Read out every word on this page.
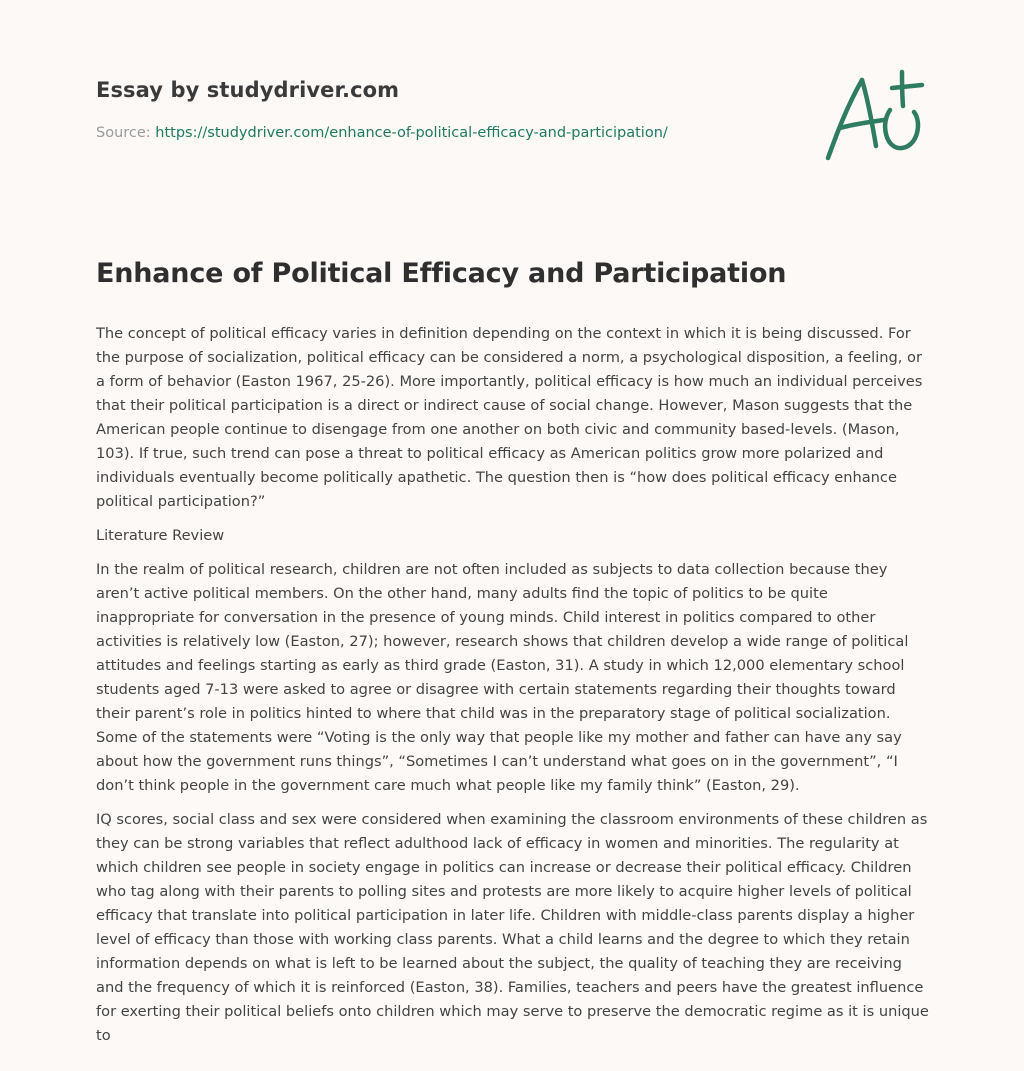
Essay by studydriver.com
Source: https://studydriver.com/enhance-of-political-efficacy-and-participation/
Enhance of Political Efficacy and Participation

The concept of political efficacy varies in definition depending on the context in which it is being discussed. For the purpose of socialization, political efficacy can be considered a norm, a psychological disposition, a feeling, or a form of behavior (Easton 1967, 25-26). More importantly, political efficacy is how much an individual perceives that their political participation is a direct or indirect cause of social change. However, Mason suggests that the American people continue to disengage from one another on both civic and community based-levels. (Mason, 103). If true, such trend can pose a threat to political efficacy as American politics grow more polarized and individuals eventually become politically apathetic. The question then is “how does political efficacy enhance political participation?”

Literature Review

In the realm of political research, children are not often included as subjects to data collection because they aren’t active political members. On the other hand, many adults find the topic of politics to be quite inappropriate for conversation in the presence of young minds. Child interest in politics compared to other activities is relatively low (Easton, 27); however, research shows that children develop a wide range of political attitudes and feelings starting as early as third grade (Easton, 31). A study in which 12,000 elementary school students aged 7-13 were asked to agree or disagree with certain statements regarding their thoughts toward their parent’s role in politics hinted to where that child was in the preparatory stage of political socialization. Some of the statements were “Voting is the only way that people like my mother and father can have any say about how the government runs things”, “Sometimes I can’t understand what goes on in the government”, “I don’t think people in the government care much what people like my family think” (Easton, 29).

IQ scores, social class and sex were considered when examining the classroom environments of these children as they can be strong variables that reflect adulthood lack of efficacy in women and minorities. The regularity at which children see people in society engage in politics can increase or decrease their political efficacy. Children who tag along with their parents to polling sites and protests are more likely to acquire higher levels of political efficacy that translate into political participation in later life. Children with middle-class parents display a higher level of efficacy than those with working class parents. What a child learns and the degree to which they retain information depends on what is left to be learned about the subject, the quality of teaching they are receiving and the frequency of which it is reinforced (Easton, 38). Families, teachers and peers have the greatest influence for exerting their political beliefs onto children which may serve to preserve the democratic regime as it is unique to
